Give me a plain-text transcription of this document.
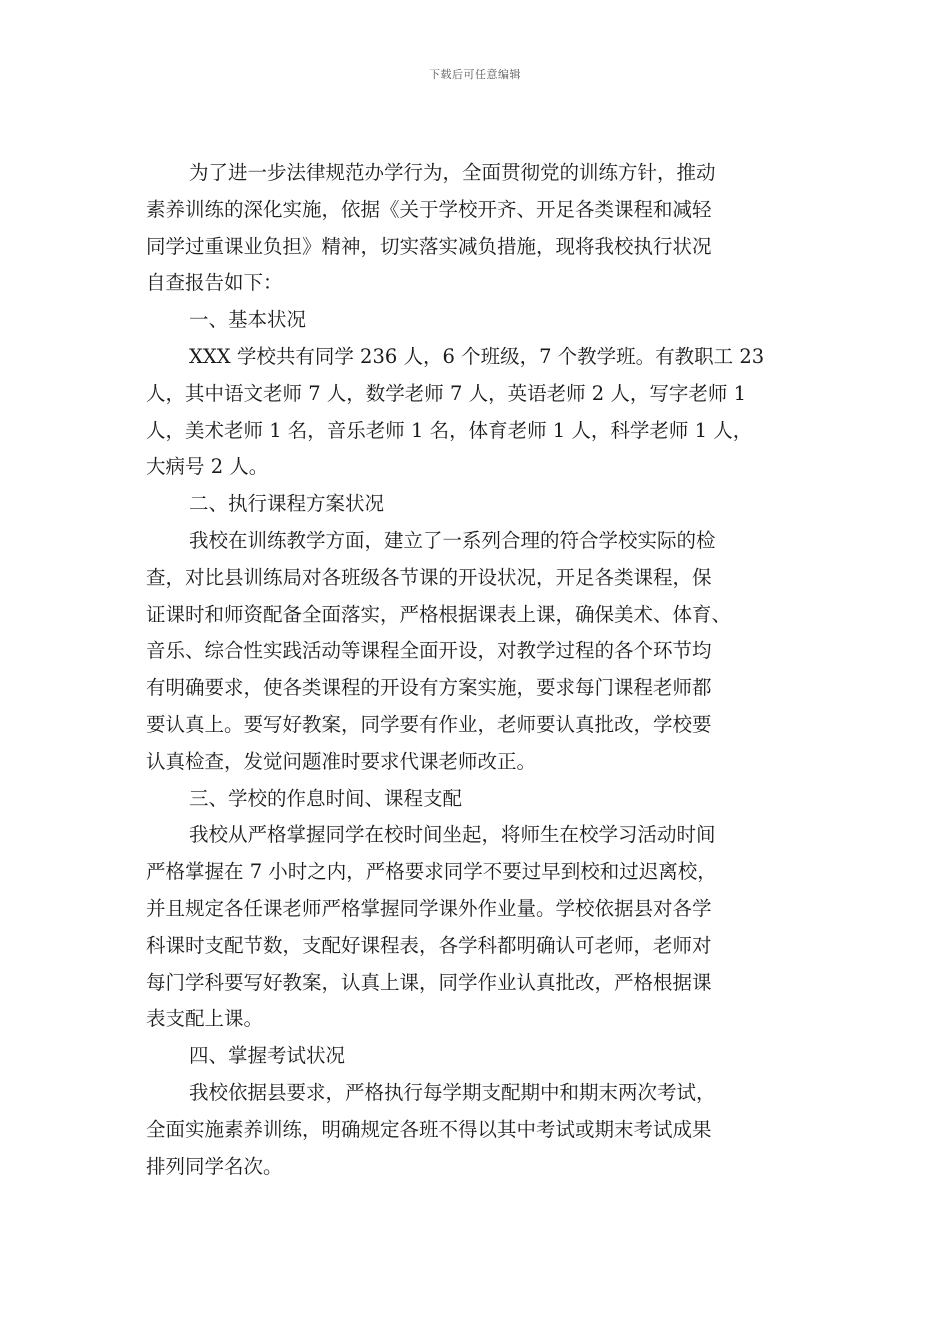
下载后可任意编辑
为了进一步法律规范办学行为，全面贯彻党的训练方针，推动
素养训练的深化实施，依据《关于学校开齐、开足各类课程和减轻
同学过重课业负担》精神，切实落实减负措施，现将我校执行状况
自查报告如下：
一、基本状况
XXX 学校共有同学 236 人，6 个班级，7 个教学班。有教职工 23
人，其中语文老师 7 人，数学老师 7 人，英语老师 2 人，写字老师 1
人，美术老师 1 名，音乐老师 1 名，体育老师 1 人，科学老师 1 人，
大病号 2 人。
二、执行课程方案状况
我校在训练教学方面，建立了一系列合理的符合学校实际的检
查，对比县训练局对各班级各节课的开设状况，开足各类课程，保
证课时和师资配备全面落实，严格根据课表上课，确保美术、体育、
音乐、综合性实践活动等课程全面开设，对教学过程的各个环节均
有明确要求，使各类课程的开设有方案实施，要求每门课程老师都
要认真上。要写好教案，同学要有作业，老师要认真批改，学校要
认真检查，发觉问题准时要求代课老师改正。
三、学校的作息时间、课程支配
我校从严格掌握同学在校时间坐起，将师生在校学习活动时间
严格掌握在 7 小时之内，严格要求同学不要过早到校和过迟离校，
并且规定各任课老师严格掌握同学课外作业量。学校依据县对各学
科课时支配节数，支配好课程表，各学科都明确认可老师，老师对
每门学科要写好教案，认真上课，同学作业认真批改，严格根据课
表支配上课。
四、掌握考试状况
我校依据县要求，严格执行每学期支配期中和期末两次考试，
全面实施素养训练，明确规定各班不得以其中考试或期末考试成果
排列同学名次。
